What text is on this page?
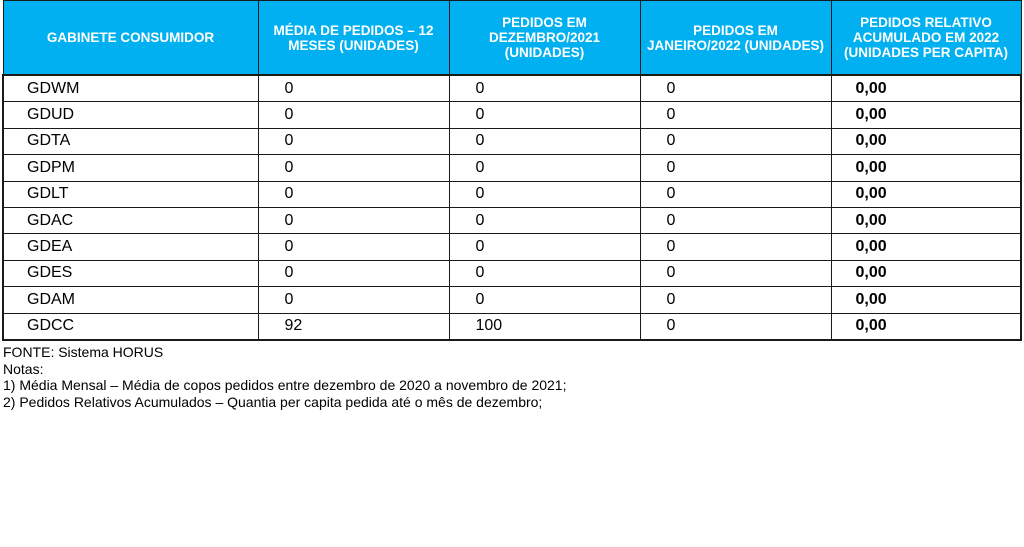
GABINETE CONSUMIDOR	MÉDIA DE PEDIDOS – 12 MESES (UNIDADES)	PEDIDOS EM DEZEMBRO/2021 (UNIDADES)	PEDIDOS EM JANEIRO/2022 (UNIDADES)	PEDIDOS RELATIVO ACUMULADO EM 2022 (UNIDADES PER CAPITA)
GDWM	0	0	0	0,00
GDUD	0	0	0	0,00
GDTA	0	0	0	0,00
GDPM	0	0	0	0,00
GDLT	0	0	0	0,00
GDAC	0	0	0	0,00
GDEA	0	0	0	0,00
GDES	0	0	0	0,00
GDAM	0	0	0	0,00
GDCC	92	100	0	0,00
FONTE: Sistema HORUS
Notas:
1) Média Mensal – Média de copos pedidos entre dezembro de 2020 a novembro de 2021;
2) Pedidos Relativos Acumulados – Quantia per capita pedida até o mês de dezembro;
